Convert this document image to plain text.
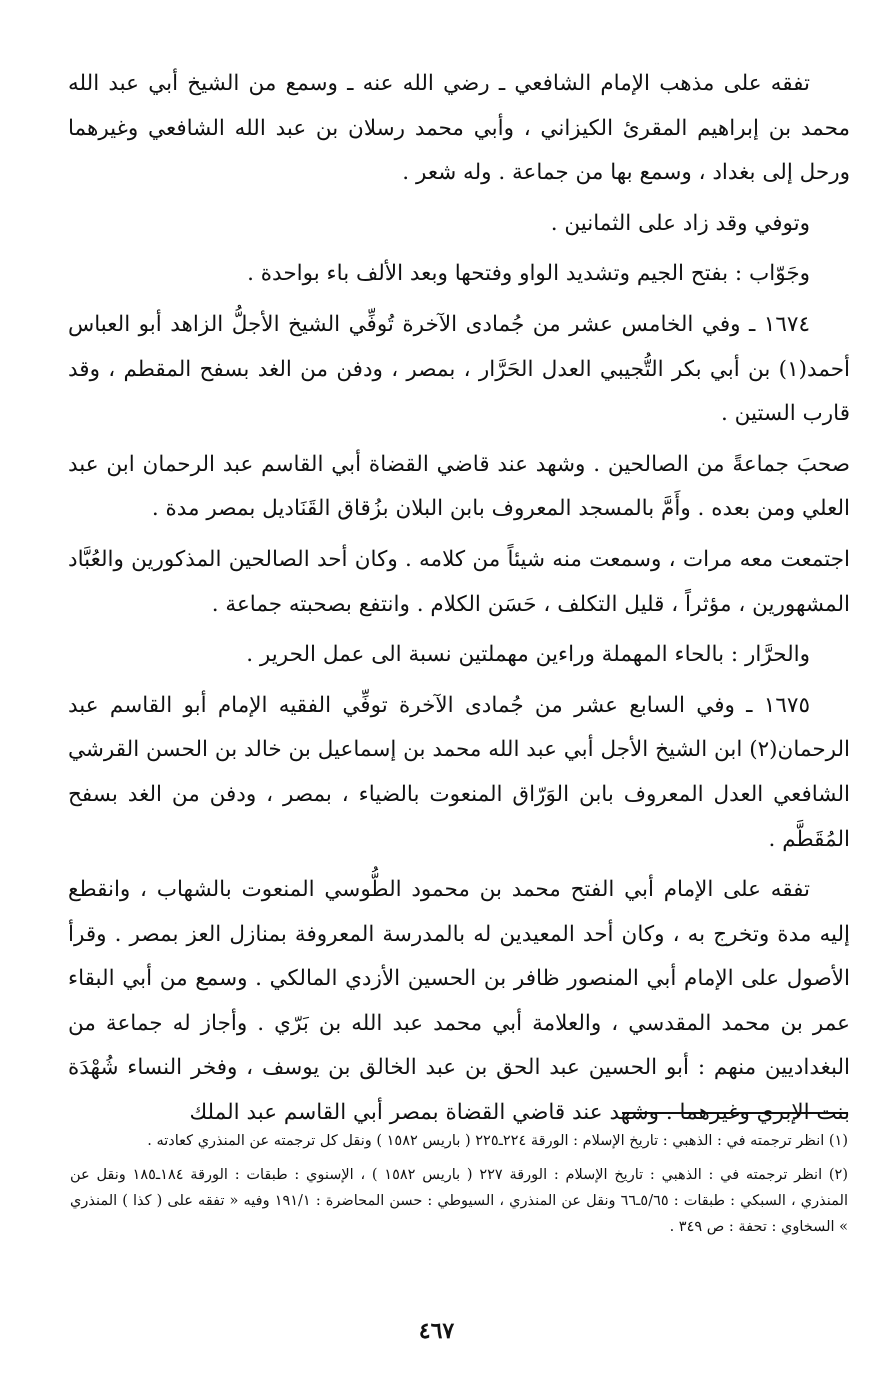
تفقه على مذهب الإمام الشافعي ـ رضي الله عنه ـ وسمع من الشيخ أبي عبد الله محمد بن إبراهيم المقرئ الكيزاني ، وأبي محمد رسلان بن عبد الله الشافعي وغيرهما ورحل إلى بغداد ، وسمع بها من جماعة . وله شعر .

وتوفي وقد زاد على الثمانين .

وجَوّاب : بفتح الجيم وتشديد الواو وفتحها وبعد الألف باء بواحدة .

١٦٧٤ ـ وفي الخامس عشر من جُمادى الآخرة تُوفِّي الشيخ الأجلُّ الزاهد أبو العباس أحمد(١) بن أبي بكر التُّجيبي العدل الحَرَّار ، بمصر ، ودفن من الغد بسفح المقطم ، وقد قارب الستين .

صحبَ جماعةً من الصالحين . وشهد عند قاضي القضاة أبي القاسم عبد الرحمان ابن عبد العلي ومن بعده . وأَمَّ بالمسجد المعروف بابن البلان بزُقاق القَنَاديل بمصر مدة .

اجتمعت معه مرات ، وسمعت منه شيئاً من كلامه . وكان أحد الصالحين المذكورين والعُبَّاد المشهورين ، مؤثراً ، قليل التكلف ، حَسَن الكلام . وانتفع بصحبته جماعة .

والحرَّار : بالحاء المهملة وراءين مهملتين نسبة الى عمل الحرير .

١٦٧٥ ـ وفي السابع عشر من جُمادى الآخرة توفِّي الفقيه الإمام أبو القاسم عبد الرحمان(٢) ابن الشيخ الأجل أبي عبد الله محمد بن إسماعيل بن خالد بن الحسن القرشي الشافعي العدل المعروف بابن الوَرّاق المنعوت بالضياء ، بمصر ، ودفن من الغد بسفح المُقَطَّم .

تفقه على الإمام أبي الفتح محمد بن محمود الطُّوسي المنعوت بالشهاب ، وانقطع إليه مدة وتخرج به ، وكان أحد المعيدين له بالمدرسة المعروفة بمنازل العز بمصر . وقرأ الأصول على الإمام أبي المنصور ظافر بن الحسين الأزدي المالكي . وسمع من أبي البقاء عمر بن محمد المقدسي ، والعلامة أبي محمد عبد الله بن بَرّي . وأجاز له جماعة من البغداديين منهم : أبو الحسين عبد الحق بن عبد الخالق بن يوسف ، وفخر النساء شُهْدَة بنت الإبري وغيرهما . وشهد عند قاضي القضاة بمصر أبي القاسم عبد الملك

(١) انظر ترجمته في : الذهبي : تاريخ الإسلام : الورقة ٢٢٤ـ٢٢٥ ( باريس ١٥٨٢ ) ونقل كل ترجمته عن المنذري كعادته .

(٢) انظر ترجمته في : الذهبي : تاريخ الإسلام : الورقة ٢٢٧ ( باريس ١٥٨٢ ) ، الإسنوي : طبقات : الورقة ١٨٤ـ١٨٥ ونقل عن المنذري ، السبكي : طبقات : ٥/٦٥ـ٦٦ ونقل عن المنذري ، السيوطي : حسن المحاضرة : ١٩١/١ وفيه « تفقه على ( كذا ) المنذري » السخاوي : تحفة : ص ٣٤٩ .

٤٦٧
